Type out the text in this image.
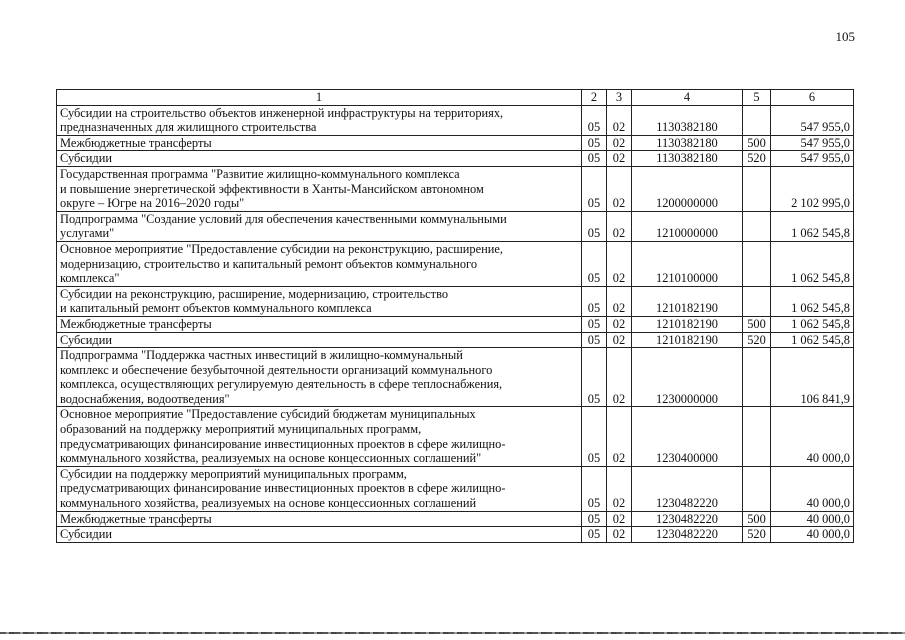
105
1	2	3	4	5	6
Субсидии на строительство объектов инженерной инфраструктуры на территориях,
предназначенных для жилищного строительства	05	02	1130382180		547 955,0
Межбюджетные трансферты	05	02	1130382180	500	547 955,0
Субсидии	05	02	1130382180	520	547 955,0
Государственная программа "Развитие жилищно-коммунального комплекса
и повышение энергетической эффективности в Ханты-Мансийском автономном
округе – Югре на 2016–2020 годы"	05	02	1200000000		2 102 995,0
Подпрограмма "Создание условий для обеспечения качественными коммунальными
услугами"	05	02	1210000000		1 062 545,8
Основное мероприятие "Предоставление субсидии на реконструкцию, расширение,
модернизацию, строительство и капитальный ремонт объектов коммунального
комплекса"	05	02	1210100000		1 062 545,8
Субсидии на реконструкцию, расширение, модернизацию, строительство
и капитальный ремонт объектов коммунального комплекса	05	02	1210182190		1 062 545,8
Межбюджетные трансферты	05	02	1210182190	500	1 062 545,8
Субсидии	05	02	1210182190	520	1 062 545,8
Подпрограмма "Поддержка частных инвестиций в жилищно-коммунальный
комплекс и обеспечение безубыточной деятельности организаций коммунального
комплекса, осуществляющих регулируемую деятельность в сфере теплоснабжения,
водоснабжения, водоотведения"	05	02	1230000000		106 841,9
Основное мероприятие "Предоставление субсидий бюджетам муниципальных
образований на поддержку мероприятий муниципальных программ,
предусматривающих финансирование инвестиционных проектов в сфере жилищно-
коммунального хозяйства, реализуемых на основе концессионных соглашений"	05	02	1230400000		40 000,0
Субсидии на поддержку мероприятий муниципальных программ,
предусматривающих финансирование инвестиционных проектов в сфере жилищно-
коммунального хозяйства, реализуемых на основе концессионных соглашений	05	02	1230482220		40 000,0
Межбюджетные трансферты	05	02	1230482220	500	40 000,0
Субсидии	05	02	1230482220	520	40 000,0
